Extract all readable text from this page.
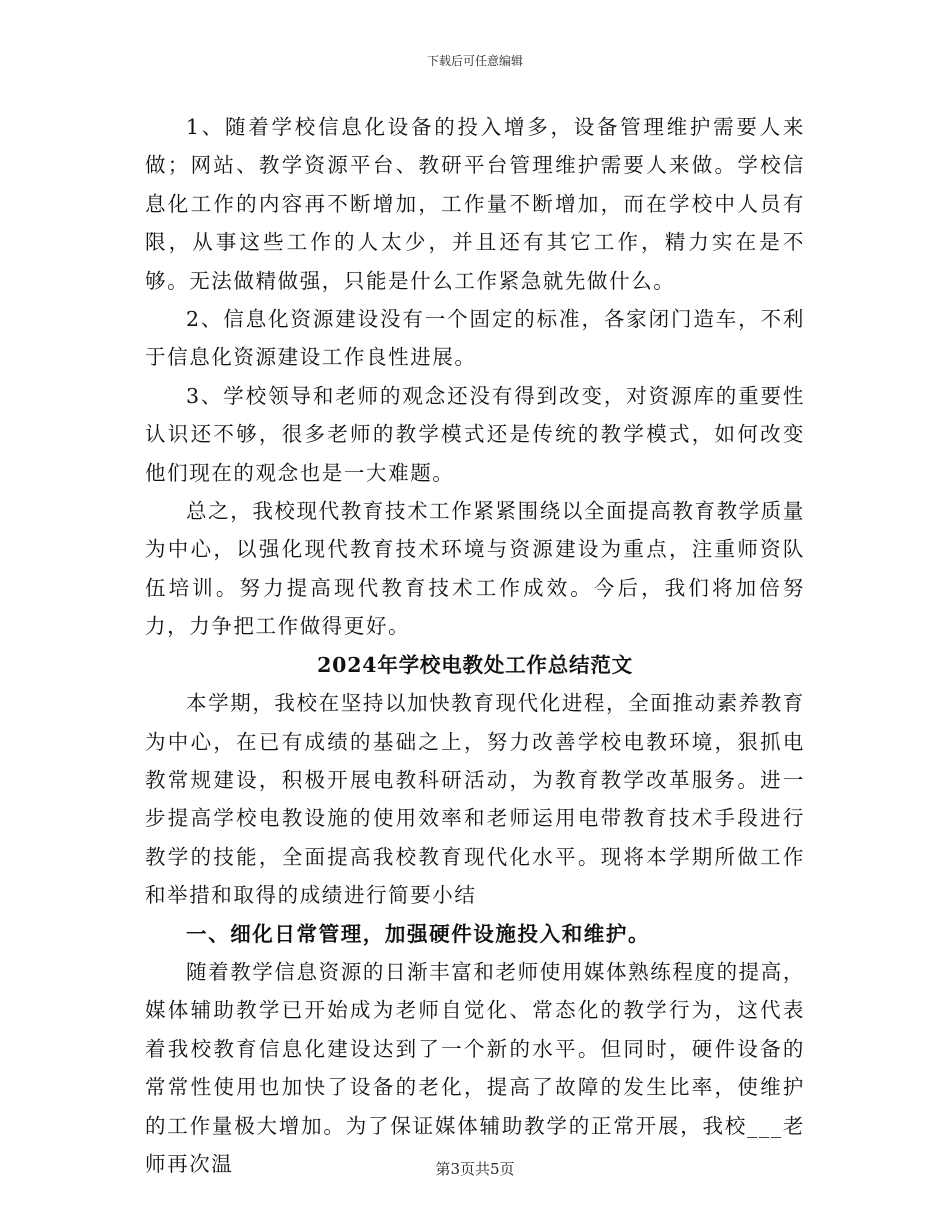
下载后可任意编辑

1、随着学校信息化设备的投入增多，设备管理维护需要人来做；网站、教学资源平台、教研平台管理维护需要人来做。学校信息化工作的内容再不断增加，工作量不断增加，而在学校中人员有限，从事这些工作的人太少，并且还有其它工作，精力实在是不够。无法做精做强，只能是什么工作紧急就先做什么。

2、信息化资源建设没有一个固定的标准，各家闭门造车，不利于信息化资源建设工作良性进展。

3、学校领导和老师的观念还没有得到改变，对资源库的重要性认识还不够，很多老师的教学模式还是传统的教学模式，如何改变他们现在的观念也是一大难题。

总之，我校现代教育技术工作紧紧围绕以全面提高教育教学质量为中心，以强化现代教育技术环境与资源建设为重点，注重师资队伍培训。努力提高现代教育技术工作成效。今后，我们将加倍努力，力争把工作做得更好。

2024年学校电教处工作总结范文

本学期，我校在坚持以加快教育现代化进程，全面推动素养教育为中心，在已有成绩的基础之上，努力改善学校电教环境，狠抓电教常规建设，积极开展电教科研活动，为教育教学改革服务。进一步提高学校电教设施的使用效率和老师运用电带教育技术手段进行教学的技能，全面提高我校教育现代化水平。现将本学期所做工作和举措和取得的成绩进行简要小结

一、细化日常管理，加强硬件设施投入和维护。

随着教学信息资源的日渐丰富和老师使用媒体熟练程度的提高，媒体辅助教学已开始成为老师自觉化、常态化的教学行为，这代表着我校教育信息化建设达到了一个新的水平。但同时，硬件设备的常常性使用也加快了设备的老化，提高了故障的发生比率，使维护的工作量极大增加。为了保证媒体辅助教学的正常开展，我校___老师再次温	第3页共5页
